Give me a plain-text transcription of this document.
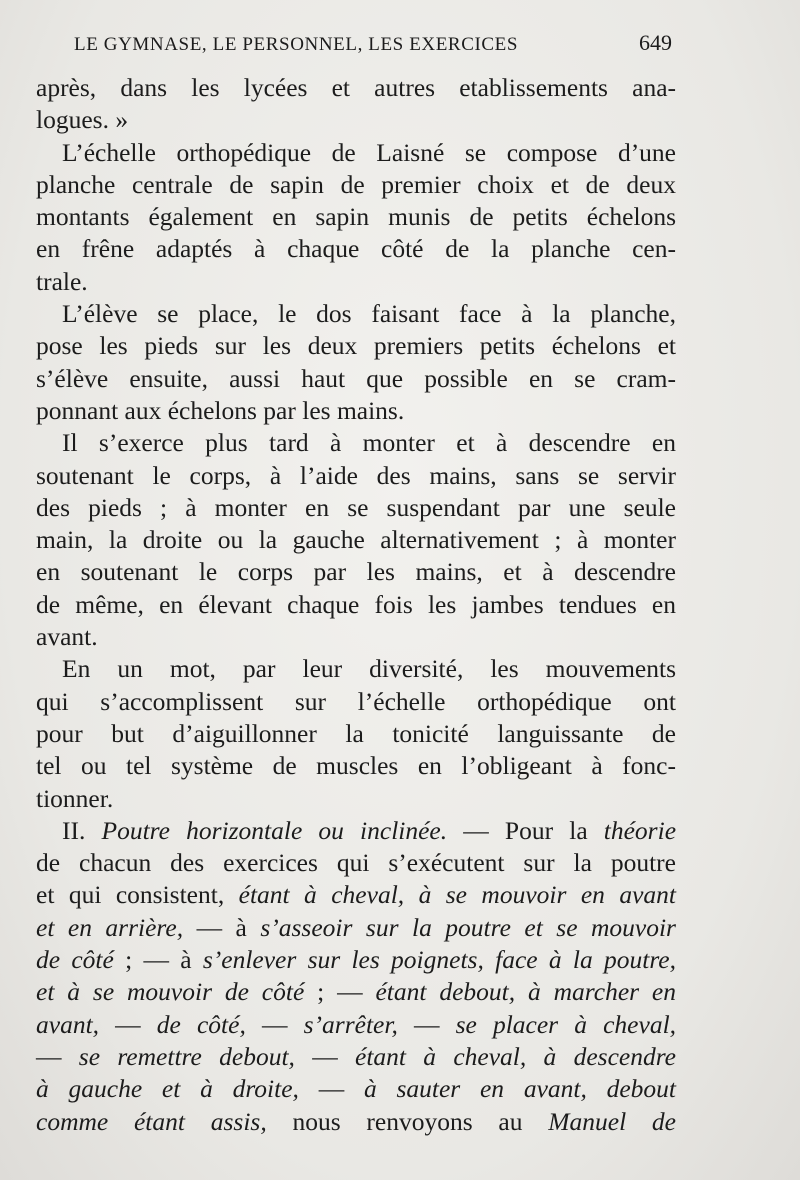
LE GYMNASE, LE PERSONNEL, LES EXERCICES	649
après, dans les lycées et autres etablissements ana-
logues. »
L’échelle orthopédique de Laisné se compose d’une
planche centrale de sapin de premier choix et de deux
montants également en sapin munis de petits échelons
en frêne adaptés à chaque côté de la planche cen-
trale.
L’élève se place, le dos faisant face à la planche,
pose les pieds sur les deux premiers petits échelons et
s’élève ensuite, aussi haut que possible en se cram-
ponnant aux échelons par les mains.
Il s’exerce plus tard à monter et à descendre en
soutenant le corps, à l’aide des mains, sans se servir
des pieds ; à monter en se suspendant par une seule
main, la droite ou la gauche alternativement ; à monter
en soutenant le corps par les mains, et à descendre
de même, en élevant chaque fois les jambes tendues en
avant.
En un mot, par leur diversité, les mouvements
qui s’accomplissent sur l’échelle orthopédique ont
pour but d’aiguillonner la tonicité languissante de
tel ou tel système de muscles en l’obligeant à fonc-
tionner.
II. Poutre horizontale ou inclinée. — Pour la théorie
de chacun des exercices qui s’exécutent sur la poutre
et qui consistent, étant à cheval, à se mouvoir en avant
et en arrière, — à s’asseoir sur la poutre et se mouvoir
de côté ; — à s’enlever sur les poignets, face à la poutre,
et à se mouvoir de côté ; — étant debout, à marcher en
avant, — de côté, — s’arrêter, — se placer à cheval,
— se remettre debout, — étant à cheval, à descendre
à gauche et à droite, — à sauter en avant, debout
comme étant assis, nous renvoyons au Manuel de
